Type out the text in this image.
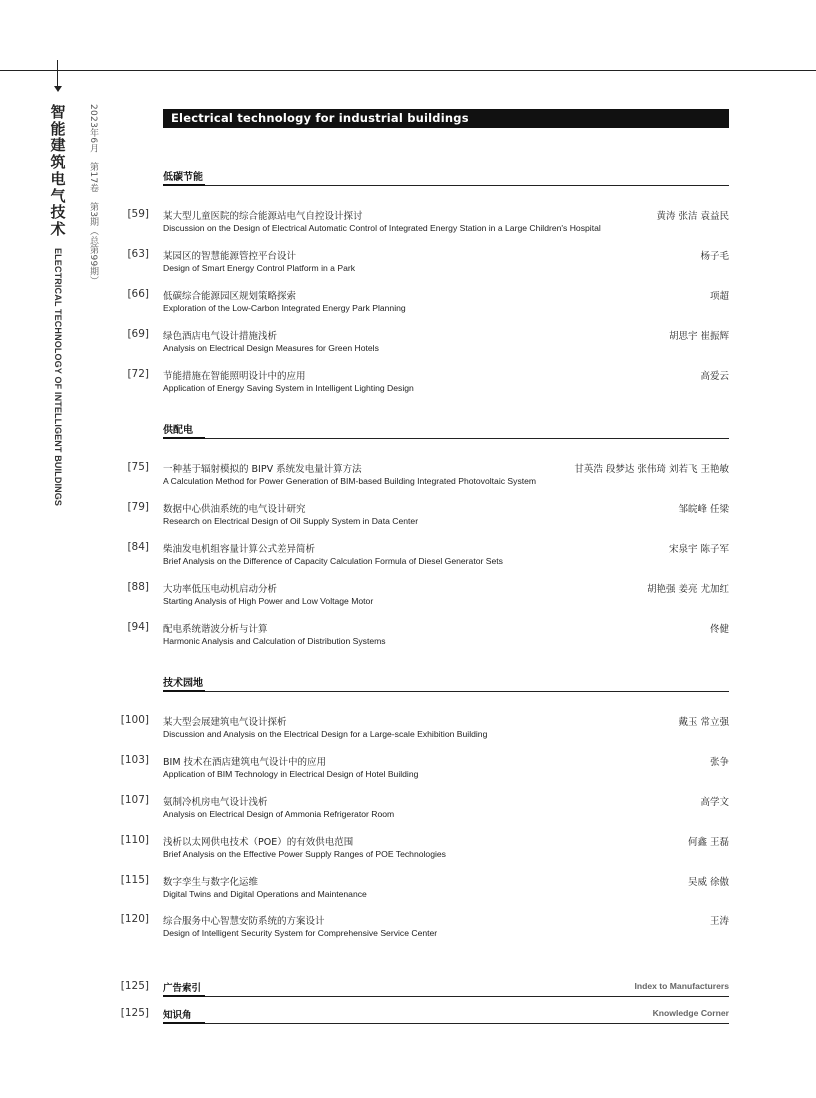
智能建筑电气技术
ELECTRICAL TECHNOLOGY OF INTELLIGENT BUILDINGS
2023年6月　第17卷　第3期（总第99期）	Electrical technology for industrial buildings
低碳节能
[59] 某大型儿童医院的综合能源站电气自控设计探讨
Discussion on the Design of Electrical Automatic Control of Integrated Energy Station in a Large Children's Hospital
黄涛 张洁 袁益民
[63] 某园区的智慧能源管控平台设计
Design of Smart Energy Control Platform in a Park
杨子毛
[66] 低碳综合能源园区规划策略探索
Exploration of the Low-Carbon Integrated Energy Park Planning
项超
[69] 绿色酒店电气设计措施浅析
Analysis on Electrical Design Measures for Green Hotels
胡思宇 崔振辉
[72] 节能措施在智能照明设计中的应用
Application of Energy Saving System in Intelligent Lighting Design
高爱云
供配电
[75] 一种基于辐射模拟的 BIPV 系统发电量计算方法
A Calculation Method for Power Generation of BIM-based Building Integrated Photovoltaic System
甘英浩 段梦达 张伟琦 刘若飞 王艳敏
[79] 数据中心供油系统的电气设计研究
Research on Electrical Design of Oil Supply System in Data Center
邹皖峰 任梁
[84] 柴油发电机组容量计算公式差异简析
Brief Analysis on the Difference of Capacity Calculation Formula of Diesel Generator Sets
宋泉宇 陈子军
[88] 大功率低压电动机启动分析
Starting Analysis of High Power and Low Voltage Motor
胡艳强 姜亮 尤加红
[94] 配电系统谐波分析与计算
Harmonic Analysis and Calculation of Distribution Systems
佟健
技术园地
[100] 某大型会展建筑电气设计探析
Discussion and Analysis on the Electrical Design for a Large-scale Exhibition Building
戴玉 常立强
[103] BIM 技术在酒店建筑电气设计中的应用
Application of BIM Technology in Electrical Design of Hotel Building
张争
[107] 氨制冷机房电气设计浅析
Analysis on Electrical Design of Ammonia Refrigerator Room
高学文
[110] 浅析以太网供电技术（POE）的有效供电范围
Brief Analysis on the Effective Power Supply Ranges of POE Technologies
何鑫 王磊
[115] 数字孪生与数字化运维
Digital Twins and Digital Operations and Maintenance
吴威 徐傲
[120] 综合服务中心智慧安防系统的方案设计
Design of Intelligent Security System for Comprehensive Service Center
王涛
[125] 广告索引	Index to Manufacturers
[125] 知识角	Knowledge Corner
